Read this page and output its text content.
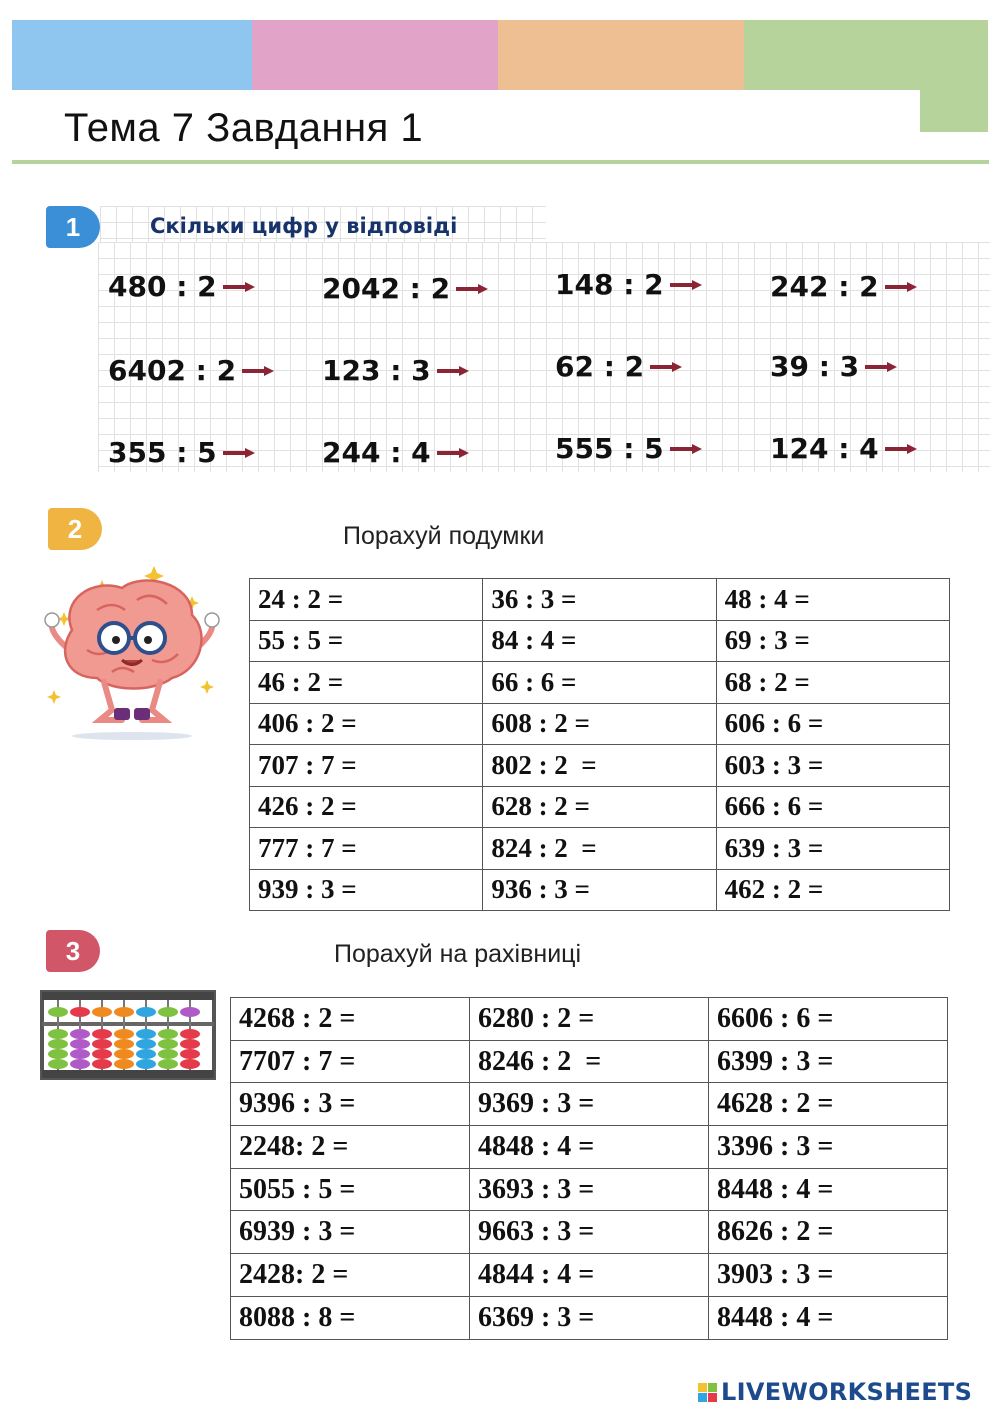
Тема 7 Завдання 1
1	Скільки цифр у відповіді
480 : 2	2042 : 2	148 : 2	242 : 2
6402 : 2	123 : 3	62 : 2	39 : 3
355 : 5	244 : 4	555 : 5	124 : 4
2	Порахуй подумки
24 : 2 =	36 : 3 =	48 : 4 =
55 : 5 =	84 : 4 =	69 : 3 =
46 : 2 =	66 : 6 =	68 : 2 =
406 : 2 =	608 : 2 =	606 : 6 =
707 : 7 =	802 : 2  =	603 : 3 =
426 : 2 =	628 : 2 =	666 : 6 =
777 : 7 =	824 : 2  =	639 : 3 =
939 : 3 =	936 : 3 =	462 : 2 =
3	Порахуй на рахівниці
4268 : 2 =	6280 : 2 =	6606 : 6 =
7707 : 7 =	8246 : 2  =	6399 : 3 =
9396 : 3 =	9369 : 3 =	4628 : 2 =
2248: 2 =	4848 : 4 =	3396 : 3 =
5055 : 5 =	3693 : 3 =	8448 : 4 =
6939 : 3 =	9663 : 3 =	8626 : 2 =
2428: 2 =	4844 : 4 =	3903 : 3 =
8088 : 8 =	6369 : 3 =	8448 : 4 =
LIVEWORKSHEETS
